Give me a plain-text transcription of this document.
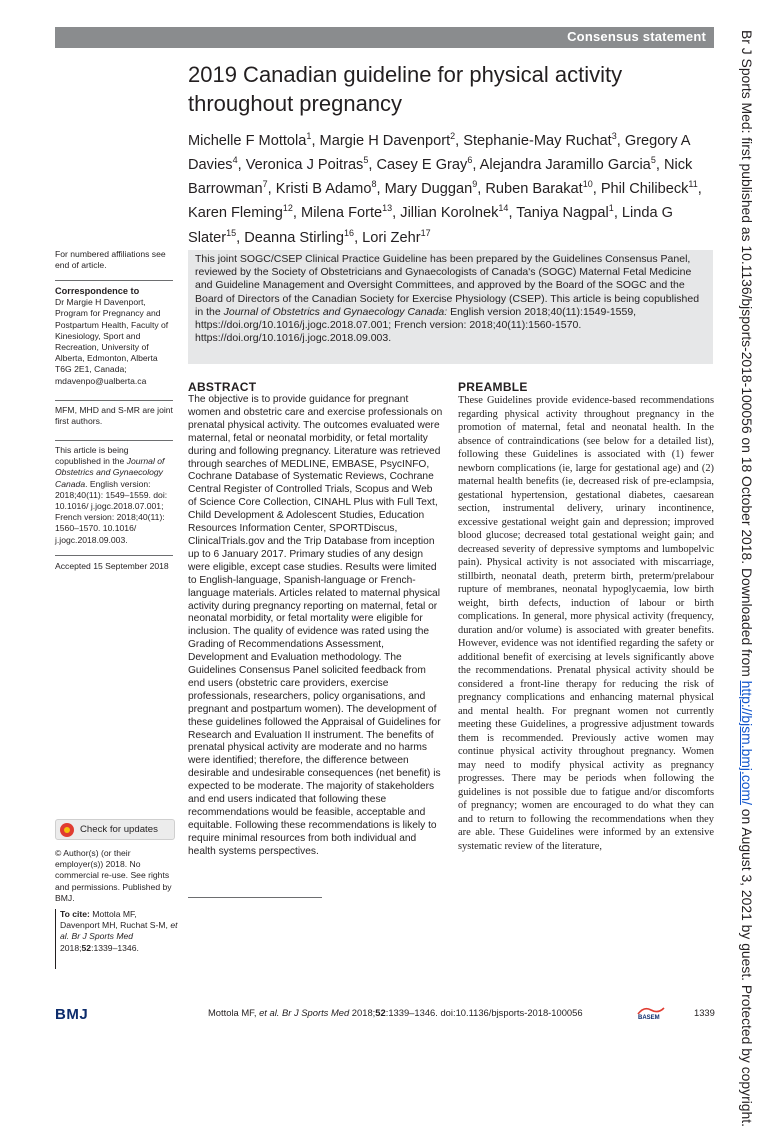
Consensus statement
2019 Canadian guideline for physical activity
throughout pregnancy
Michelle F Mottola$^1$, Margie H Davenport$^2$, Stephanie-May Ruchat$^3$, Gregory A Davies$^4$, Veronica J Poitras$^5$, Casey E Gray$^6$, Alejandra Jaramillo Garcia$^5$, Nick Barrowman$^7$, Kristi B Adamo$^8$, Mary Duggan$^9$, Ruben Barakat$^{10}$, Phil Chilibeck$^{11}$, Karen Fleming$^{12}$, Milena Forte$^{13}$, Jillian Korolnek$^{14}$, Taniya Nagpal$^1$, Linda G Slater$^{15}$, Deanna Stirling$^{16}$, Lori Zehr$^{17}$
For numbered affiliations see end of article.

Correspondence to

Dr Margie H Davenport, Program for Pregnancy and Postpartum Health, Faculty of Kinesiology, Sport and Recreation, University of Alberta, Edmonton, Alberta T6G 2E1, Canada; mdavenpo@ualberta.ca

MFM, MHD and S-MR are joint first authors.
This article is being copublished in the Journal of Obstetrics and Gynaecology Canada. English version: 2018;40(11): 1549–1559. doi: 10.1016/ j.jogc.2018.07.001; French version: 2018;40(11): 1560–1570. 10.1016/ j.jogc.2018.09.003.
Accepted 15 September 2018
Check for updates
© Author(s) (or their employer(s)) 2018. No commercial re-use. See rights and permissions. Published by BMJ.
To cite: Mottola MF, Davenport MH, Ruchat S-M, et al. Br J Sports Med 2018;52:1339–1346.
This joint SOGC/CSEP Clinical Practice Guideline has been prepared by the Guidelines Consensus Panel, reviewed by the Society of Obstetricians and Gynaecologists of Canada's (SOGC) Maternal Fetal Medicine and Guideline Management and Oversight Committees, and approved by the Board of the SOGC and the Board of Directors of the Canadian Society for Exercise Physiology (CSEP). This article is being copublished in the Journal of Obstetrics and Gynaecology Canada: English version 2018;40(11):1549-1559, https://doi.org/10.1016/j.jogc.2018.07.001; French version: 2018;40(11):1560-1570. https://doi.org/10.1016/j.jogc.2018.09.003.
ABSTRACT
The objective is to provide guidance for pregnant women and obstetric care and exercise professionals on prenatal physical activity. The outcomes evaluated were maternal, fetal or neonatal morbidity, or fetal mortality during and following pregnancy. Literature was retrieved through searches of MEDLINE, EMBASE, PsycINFO, Cochrane Database of Systematic Reviews, Cochrane Central Register of Controlled Trials, Scopus and Web of Science Core Collection, CINAHL Plus with Full Text, Child Development & Adolescent Studies, Education Resources Information Center, SPORTDiscus, ClinicalTrials.gov and the Trip Database from inception up to 6 January 2017. Primary studies of any design were eligible, except case studies. Results were limited to English-language, Spanish-language or French-language materials. Articles related to maternal physical activity during pregnancy reporting on maternal, fetal or neonatal morbidity, or fetal mortality were eligible for inclusion. The quality of evidence was rated using the Grading of Recommendations Assessment, Development and Evaluation methodology. The Guidelines Consensus Panel solicited feedback from end users (obstetric care providers, exercise professionals, researchers, policy organisations, and pregnant and postpartum women). The development of these guidelines followed the Appraisal of Guidelines for Research and Evaluation II instrument. The benefits of prenatal physical activity are moderate and no harms were identified; therefore, the difference between desirable and undesirable consequences (net benefit) is expected to be moderate. The majority of stakeholders and end users indicated that following these recommendations would be feasible, acceptable and equitable. Following these recommendations is likely to require minimal resources from both individual and health systems perspectives.
PREAMBLE
These Guidelines provide evidence-based recommendations regarding physical activity throughout pregnancy in the promotion of maternal, fetal and neonatal health. In the absence of contraindications (see below for a detailed list), following these Guidelines is associated with (1) fewer newborn complications (ie, large for gestational age) and (2) maternal health benefits (ie, decreased risk of pre-eclampsia, gestational hypertension, gestational diabetes, caesarean section, instrumental delivery, urinary incontinence, excessive gestational weight gain and depression; improved blood glucose; decreased total gestational weight gain; and decreased severity of depressive symptoms and lumbopelvic pain). Physical activity is not associated with miscarriage, stillbirth, neonatal death, preterm birth, preterm/prelabour rupture of membranes, neonatal hypoglycaemia, low birth weight, birth defects, induction of labour or birth complications. In general, more physical activity (frequency, duration and/or volume) is associated with greater benefits. However, evidence was not identified regarding the safety or additional benefit of exercising at levels significantly above the recommendations. Prenatal physical activity should be considered a front-line therapy for reducing the risk of pregnancy complications and enhancing maternal physical and mental health. For pregnant women not currently meeting these Guidelines, a progressive adjustment towards them is recommended. Previously active women may continue physical activity throughout pregnancy. Women may need to modify physical activity as pregnancy progresses. There may be periods when following the guidelines is not possible due to fatigue and/or discomforts of pregnancy; women are encouraged to do what they can and to return to following the recommendations when they are able. These Guidelines were informed by an extensive systematic review of the literature,
BMJ	Mottola MF, et al. Br J Sports Med 2018;52:1339–1346. doi:10.1136/bjsports-2018-100056	BASEM	1339
Br J Sports Med: first published as 10.1136/bjsports-2018-100056 on 18 October 2018. Downloaded from http://bjsm.bmj.com/ on August 3, 2021 by guest. Protected by copyright.
